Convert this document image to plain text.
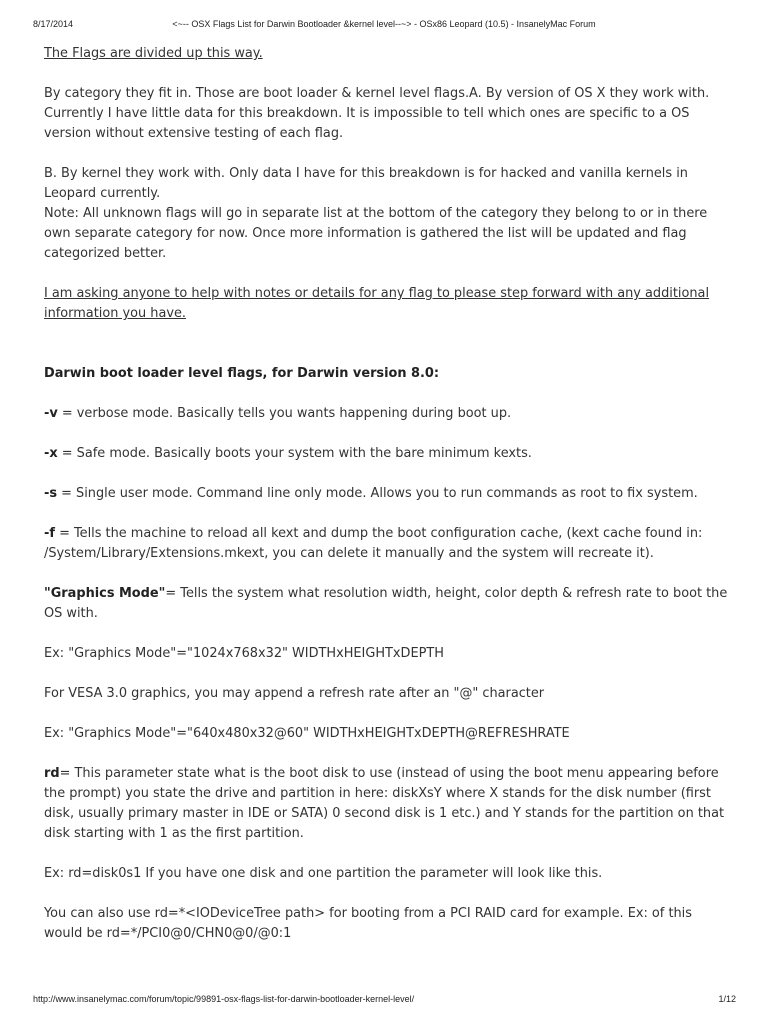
8/17/2014	<~-- OSX Flags List for Darwin Bootloader &kernel level--~> - OSx86 Leopard (10.5) - InsanelyMac Forum

The Flags are divided up this way.

By category they fit in. Those are boot loader & kernel level flags.A. By version of OS X they work with. Currently I have little data for this breakdown. It is impossible to tell which ones are specific to a OS version without extensive testing of each flag.

B. By kernel they work with. Only data I have for this breakdown is for hacked and vanilla kernels in Leopard currently.

Note: All unknown flags will go in separate list at the bottom of the category they belong to or in there own separate category for now. Once more information is gathered the list will be updated and flag categorized better.

I am asking anyone to help with notes or details for any flag to please step forward with any additional information you have.

Darwin boot loader level flags, for Darwin version 8.0:

-v = verbose mode. Basically tells you wants happening during boot up.

-x = Safe mode. Basically boots your system with the bare minimum kexts.

-s = Single user mode. Command line only mode. Allows you to run commands as root to fix system.

-f = Tells the machine to reload all kext and dump the boot configuration cache, (kext cache found in: /System/Library/Extensions.mkext, you can delete it manually and the system will recreate it).

"Graphics Mode"= Tells the system what resolution width, height, color depth & refresh rate to boot the OS with.

Ex: "Graphics Mode"="1024x768x32" WIDTHxHEIGHTxDEPTH

For VESA 3.0 graphics, you may append a refresh rate after an "@" character

Ex: "Graphics Mode"="640x480x32@60" WIDTHxHEIGHTxDEPTH@REFRESHRATE

rd= This parameter state what is the boot disk to use (instead of using the boot menu appearing before the prompt) you state the drive and partition in here: diskXsY where X stands for the disk number (first disk, usually primary master in IDE or SATA) 0 second disk is 1 etc.) and Y stands for the partition on that disk starting with 1 as the first partition.

Ex: rd=disk0s1 If you have one disk and one partition the parameter will look like this.

You can also use rd=*<IODeviceTree path> for booting from a PCI RAID card for example. Ex: of this would be rd=*/PCI0@0/CHN0@0/@0:1

http://www.insanelymac.com/forum/topic/99891-osx-flags-list-for-darwin-bootloader-kernel-level/	1/12
